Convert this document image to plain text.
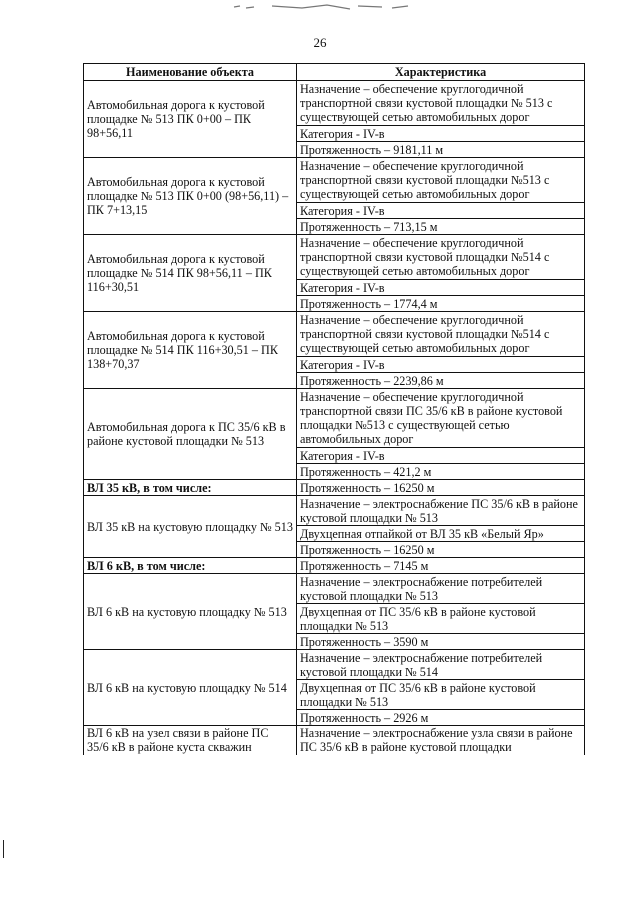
26
Наименование объекта	Характеристика
Автомобильная дорога к кустовой площадке № 513 ПК 0+00 – ПК 98+56,11	Назначение – обеспечение круглогодичной транспортной связи кустовой площадки № 513 с существующей сетью автомобильных дорог
	Категория - IV-в
	Протяженность – 9181,11 м
Автомобильная дорога к кустовой площадке № 513 ПК 0+00 (98+56,11) – ПК 7+13,15	Назначение – обеспечение круглогодичной транспортной связи кустовой площадки №513 с существующей сетью автомобильных дорог
	Категория - IV-в
	Протяженность – 713,15 м
Автомобильная дорога к кустовой площадке № 514 ПК 98+56,11 – ПК 116+30,51	Назначение – обеспечение круглогодичной транспортной связи кустовой площадки №514 с существующей сетью автомобильных дорог
	Категория - IV-в
	Протяженность – 1774,4 м
Автомобильная дорога к кустовой площадке № 514 ПК 116+30,51 – ПК 138+70,37	Назначение – обеспечение круглогодичной транспортной связи кустовой площадки №514 с существующей сетью автомобильных дорог
	Категория - IV-в
	Протяженность – 2239,86 м
Автомобильная дорога к ПС 35/6 кВ в районе кустовой площадки № 513	Назначение – обеспечение круглогодичной транспортной связи ПС 35/6 кВ в районе кустовой площадки №513 с существующей сетью автомобильных дорог
	Категория - IV-в
	Протяженность – 421,2 м
ВЛ 35 кВ, в том числе:	Протяженность – 16250 м
ВЛ 35 кВ на кустовую площадку № 513	Назначение – электроснабжение ПС 35/6 кВ в районе кустовой площадки № 513
	Двухцепная отпайкой от ВЛ 35 кВ «Белый Яр»
	Протяженность – 16250 м
ВЛ 6 кВ, в том числе:	Протяженность – 7145 м
ВЛ 6 кВ на кустовую площадку № 513	Назначение – электроснабжение потребителей кустовой площадки № 513
	Двухцепная от ПС 35/6 кВ в районе кустовой площадки № 513
	Протяженность – 3590 м
ВЛ 6 кВ на кустовую площадку № 514	Назначение – электроснабжение потребителей кустовой площадки № 514
	Двухцепная от ПС 35/6 кВ в районе кустовой площадки № 513
	Протяженность – 2926 м
ВЛ 6 кВ на узел связи в районе ПС 35/6 кВ в районе куста скважин	Назначение – электроснабжение узла связи в районе ПС 35/6 кВ в районе кустовой площадки
